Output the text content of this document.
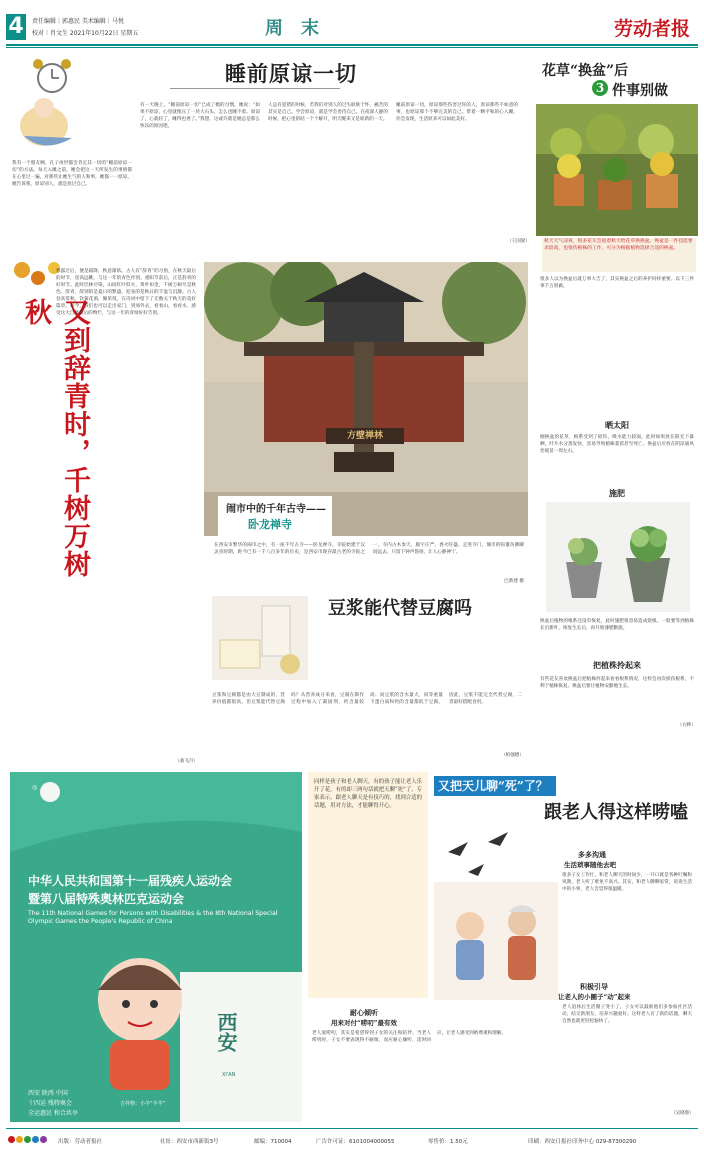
4	责任编辑｜郭惠民 美术编辑｜马悦
校对｜肖文生 2021年10月22日 星期五	周末	劳动者报
睡前原谅一切
我有一个朋友啊，孔子再世都会肯定其一切的“睡前原谅一切”的方法。每天入睡之前，她会把这一天所发生的事情都在心里过一遍，对那些让她生气的人和事，她都一一原谅。她告诉我，原谅别人，就是放过自己。
有一天晚上，“睡前原谅一切”已成了她的习惯。她说：“如果不原谅，心里就像压了一块大石头，怎么也睡不着。原谅了，心就轻了，睡得也香了。”我想，这或许就是她总是那么快乐的原因吧。
人总有犯错的时候，若我们对别人的过失耿耿于怀，痛苦的其实是自己。学会原谅，就是学会善待自己。在夜深人静的时候，把心里的结一个个解开，明天醒来又是崭新的一天。
睡前原谅一切，原谅那些伤害过你的人，原谅那些不如意的事，也原谅那个不够完美的自己。带着一颗平和的心入睡，你会发现，生活原来可以如此美好。
（王国梁）
花草“换盆”后
3 件事别做
秋天天气凉爽，很多花友会趁着秋天给花草换换盆。换盆是一件技能要求较高，也很伤植株的工作，可分为根据植物选择合适的换盆。
很多人以为换盆后就万事大吉了，其实换盆之后的养护同样重要。以下三件事千万别做。
晒太阳
刚换盆的花草，根系受到了损伤，吸水能力较弱，此时如果放在阳光下暴晒，叶片水分蒸发快，容易导致植株萎蔫甚至死亡。换盆后应放在阴凉通风处缓苗一周左右。
施肥
换盆后植物的根系还没有恢复，此时施肥很容易造成烧根。一般要等到植株长出新叶、恢复生长后，再开始薄肥勤施。
把植株拎起来
有些花友喜欢换盆后把植株拎起来看看根系情况，这样会再次损伤根系，不利于植株恢复。换盆后要让植物安静地生长。
（白桦）
又到辞青时，千树万树秋
寒露过后，便是霜降，秋意渐浓。古人有“辞青”的习俗，在秋天最后的时节，登高远眺，与这一年的青色作别。重阳节前后，正是辞青的好时节。此时层林尽染，山间红叶似火，黄叶如金，千树万树尽是秋色。辞青，辞别的是夏日的繁盛，迎来的是秋日的丰盈与沉静。古人登高赏秋，饮菊花酒，佩茱萸，在诗词中留下了无数关于秋天的美好篇章。如今，我们也可以走出家门，到郊外去，看看山，看看水，感受这大自然最后的绚烂，与这一年的青绿好好告别。
（桑飞月）
方壁禅林
闹市中的千年古寺——
卧龙禅寺
在西安市繁华的闹市之中，有一座千年古寺——卧龙禅寺。寺院始建于汉灵帝时期，距今已有一千八百多年的历史，是西安市现存最古老的寺院之一。寺内古木参天，殿宇庄严，香火旺盛。走进寺门，城市的喧嚣仿佛瞬间远去，只留下钟声悠扬，让人心静神宁。
巴新建 摄
豆浆能代替豆腐吗
豆浆和豆腐都是由大豆制成的，营养价值都很高。但豆浆能代替豆腐吗？从营养成分来看，豆腐在制作过程中加入了凝固剂，钙含量较高；而豆浆的含水量大，同等重量下蛋白质和钙的含量都低于豆腐。因此，豆浆不能完全代替豆腐，二者最好搭配食用。
（柏强德）
◎
中华人民共和国第十一届残疾人运动会
暨第八届特殊奥林匹克运动会
The 11th National Games for Persons with Disabilities & the 8th National Special Olympic Games the People's Republic of China
西安
XI'AN
西安 陕西 中国
十四运 残特奥会
全运惠民 和合共享
吉祥物：小羊“羊羊”
同样是孩子和老人聊天，有的孩子能让老人乐开了花，有的却三两句话就把天聊“死”了。专家表示，跟老人聊天是有技巧的，找到合适的话题，用对方法，才能聊得开心。
又把天儿聊“死”了？
跟老人得这样唠嗑
多多沟通
生活琐事随他去吧
很多子女工作忙，和老人聊天的时间少，一开口就是各种叮嘱和说教，老人听了难免不高兴。其实，和老人聊聊家常，说说生活中的小事，老人会觉得很温暖。
积极引导
让老人的小圈子“动”起来
老人退休后生活圈子变小了，子女可以鼓励他们多参加社区活动，结交新朋友，培养兴趣爱好。这样老人有了新的话题，聊天自然也就更轻松愉快了。
耐心倾听
用来对付“唠叨”最有效
老人爱唠叨，其实是希望得到子女的关注和陪伴。当老人唠叨时，子女不要表现得不耐烦，而应耐心倾听，适时回应，让老人感受到被尊重和理解。
（吴晓蓉）
出版：劳动者报社	社址：西安市西新街3号	邮编：710004	广告许可证：6101004000055	零售价：1.50元	印刷：西安日报社印务中心 029-87300290
